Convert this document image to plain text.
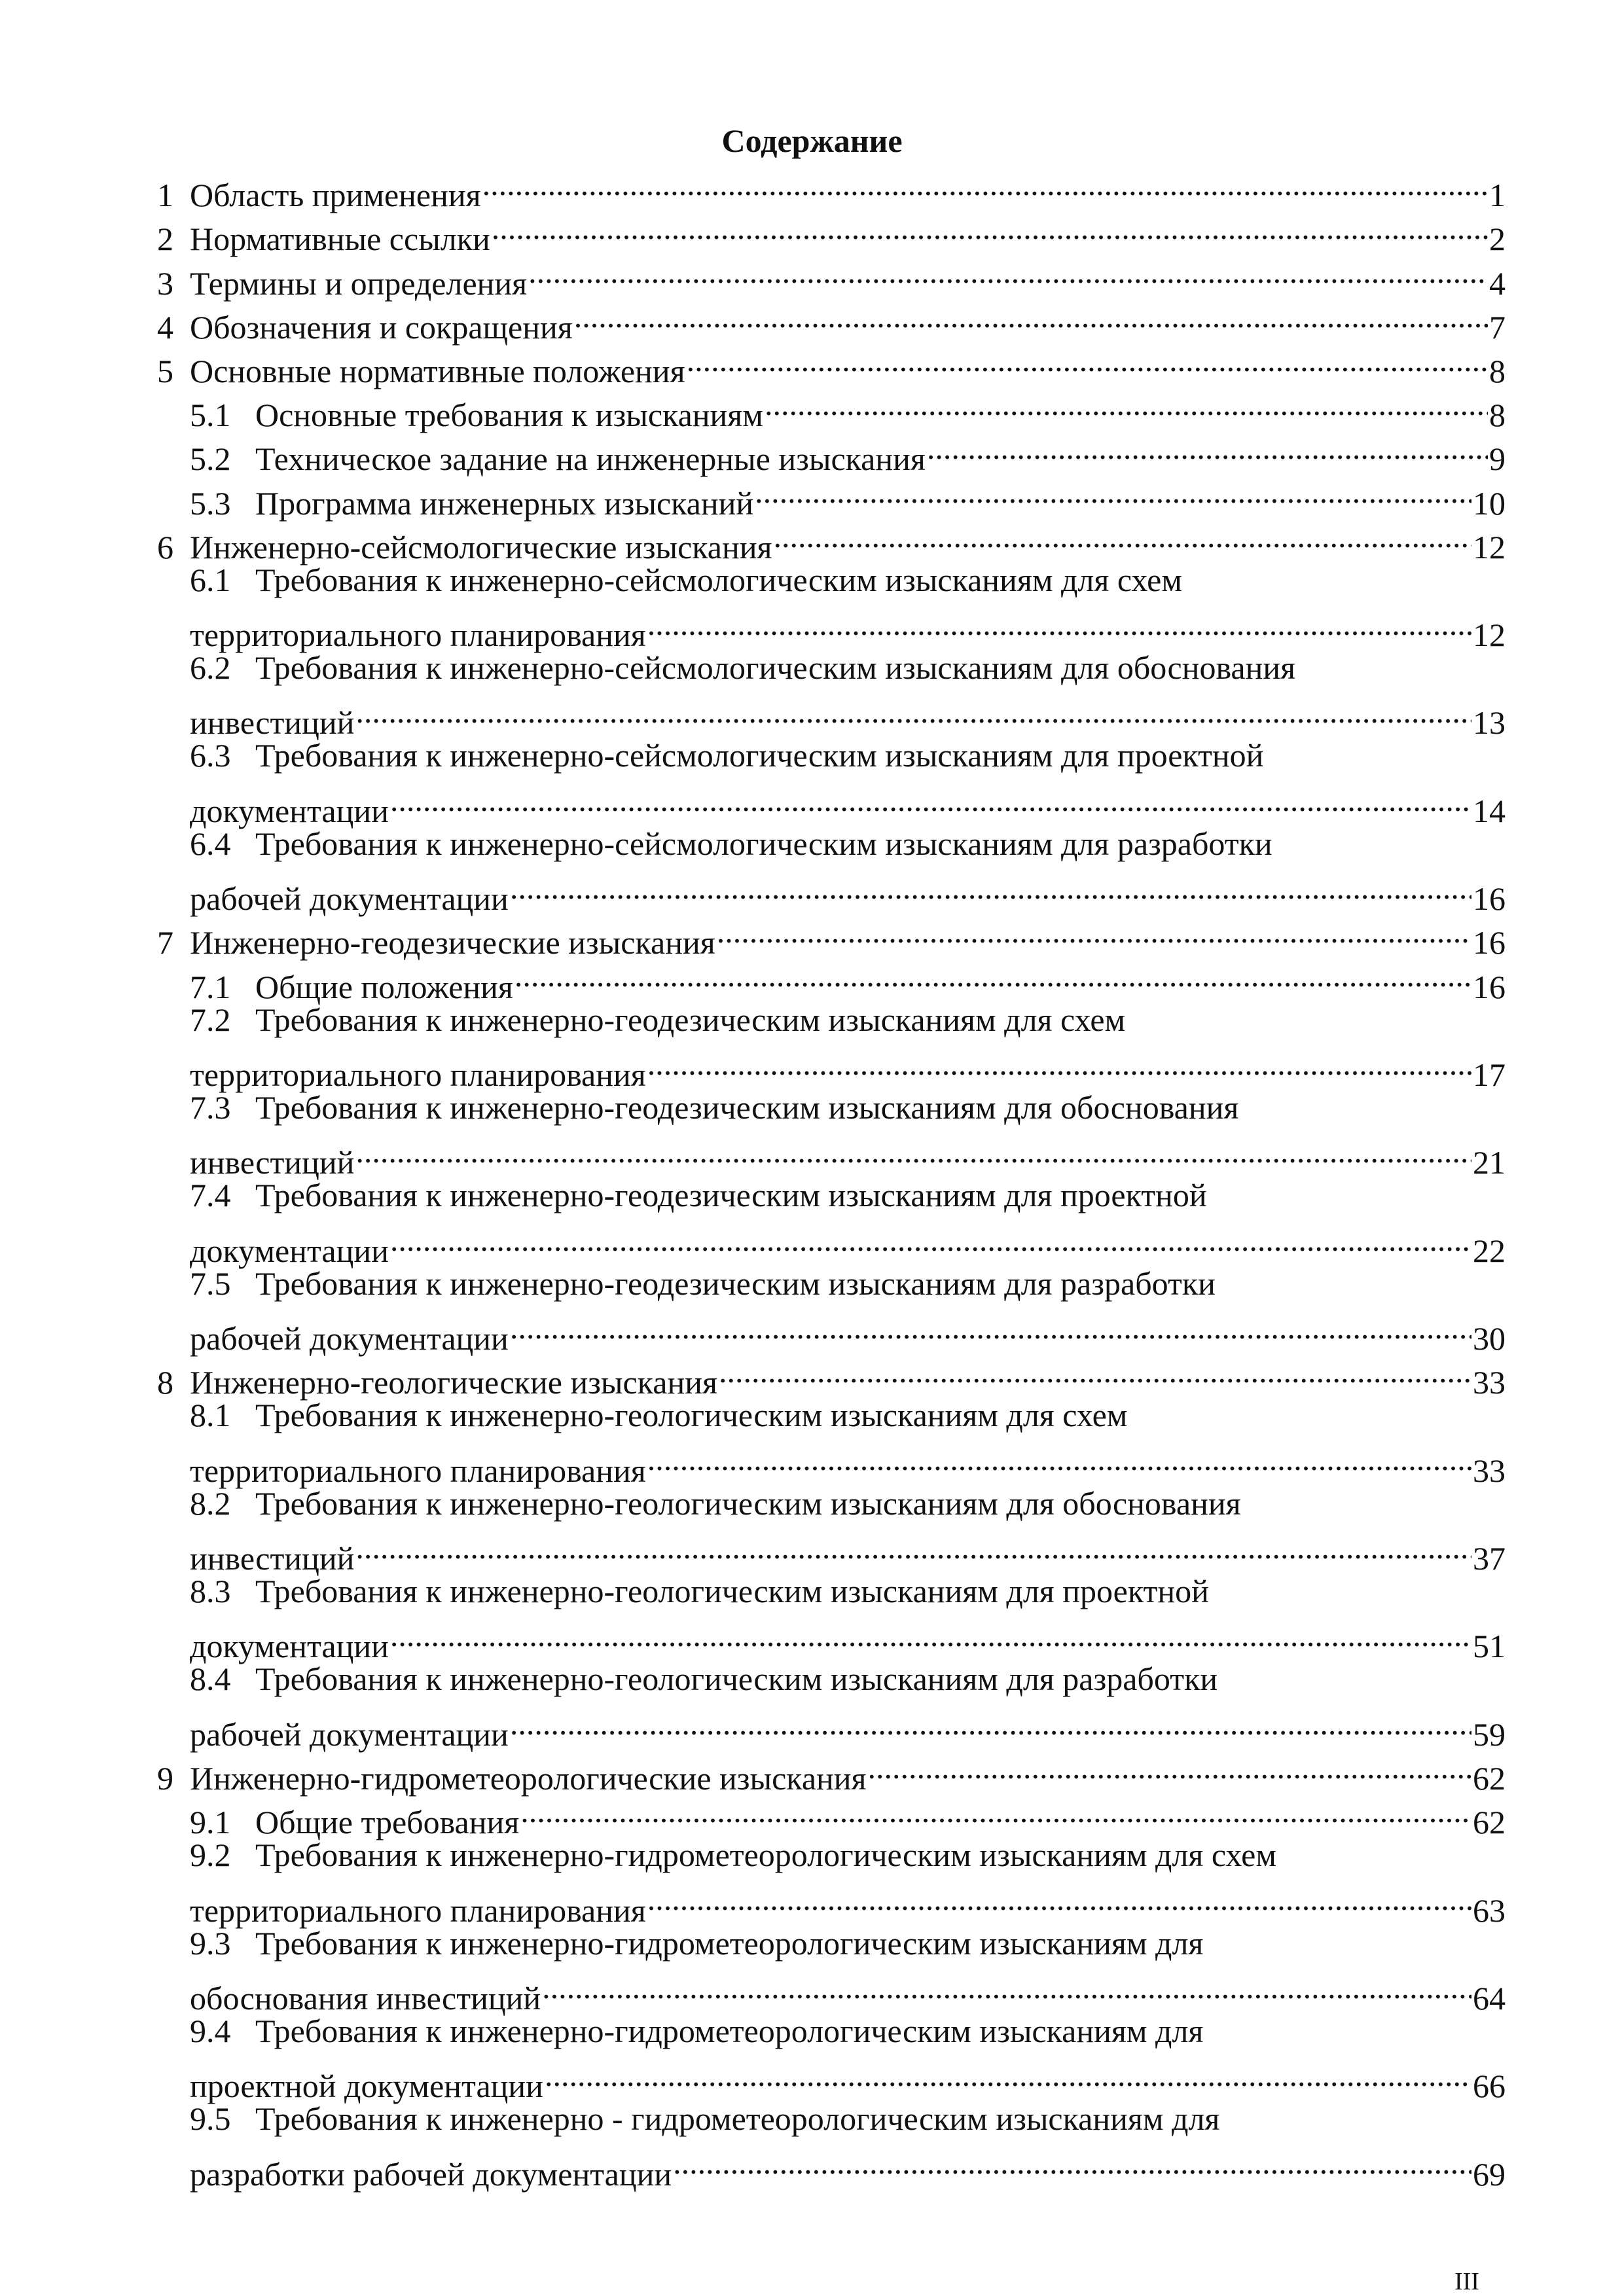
Содержание
1 Область применения .....	1
2 Нормативные ссылки .....	2
3 Термины и определения .....	4
4 Обозначения и сокращения .....	7
5 Основные нормативные положения .....	8
5.1 Основные требования к изысканиям .....	8
5.2 Техническое задание на инженерные изыскания .....	9
5.3 Программа инженерных изысканий .....	10
6 Инженерно-сейсмологические изыскания .....	12
6.1 Требования к инженерно-сейсмологическим изысканиям для схем
территориального планирования .....	12
6.2 Требования к инженерно-сейсмологическим изысканиям для обоснования
инвестиций .....	13
6.3 Требования к инженерно-сейсмологическим изысканиям для проектной
документации .....	14
6.4 Требования к инженерно-сейсмологическим изысканиям для разработки
рабочей документации .....	16
7 Инженерно-геодезические изыскания .....	16
7.1 Общие положения .....	16
7.2 Требования к инженерно-геодезическим изысканиям для схем
территориального планирования .....	17
7.3 Требования к инженерно-геодезическим изысканиям для обоснования
инвестиций .....	21
7.4 Требования к инженерно-геодезическим изысканиям для проектной
документации .....	22
7.5 Требования к инженерно-геодезическим изысканиям для разработки
рабочей документации .....	30
8 Инженерно-геологические изыскания .....	33
8.1 Требования к инженерно-геологическим изысканиям для схем
территориального планирования .....	33
8.2 Требования к инженерно-геологическим изысканиям для обоснования
инвестиций .....	37
8.3 Требования к инженерно-геологическим изысканиям для проектной
документации .....	51
8.4 Требования к инженерно-геологическим изысканиям для разработки
рабочей документации .....	59
9 Инженерно-гидрометеорологические изыскания .....	62
9.1 Общие требования .....	62
9.2 Требования к инженерно-гидрометеорологическим изысканиям для схем
территориального планирования .....	63
9.3 Требования к инженерно-гидрометеорологическим изысканиям для
обоснования инвестиций .....	64
9.4 Требования к инженерно-гидрометеорологическим изысканиям для
проектной документации .....	66
9.5 Требования к инженерно - гидрометеорологическим изысканиям для
разработки рабочей документации .....	69
III
